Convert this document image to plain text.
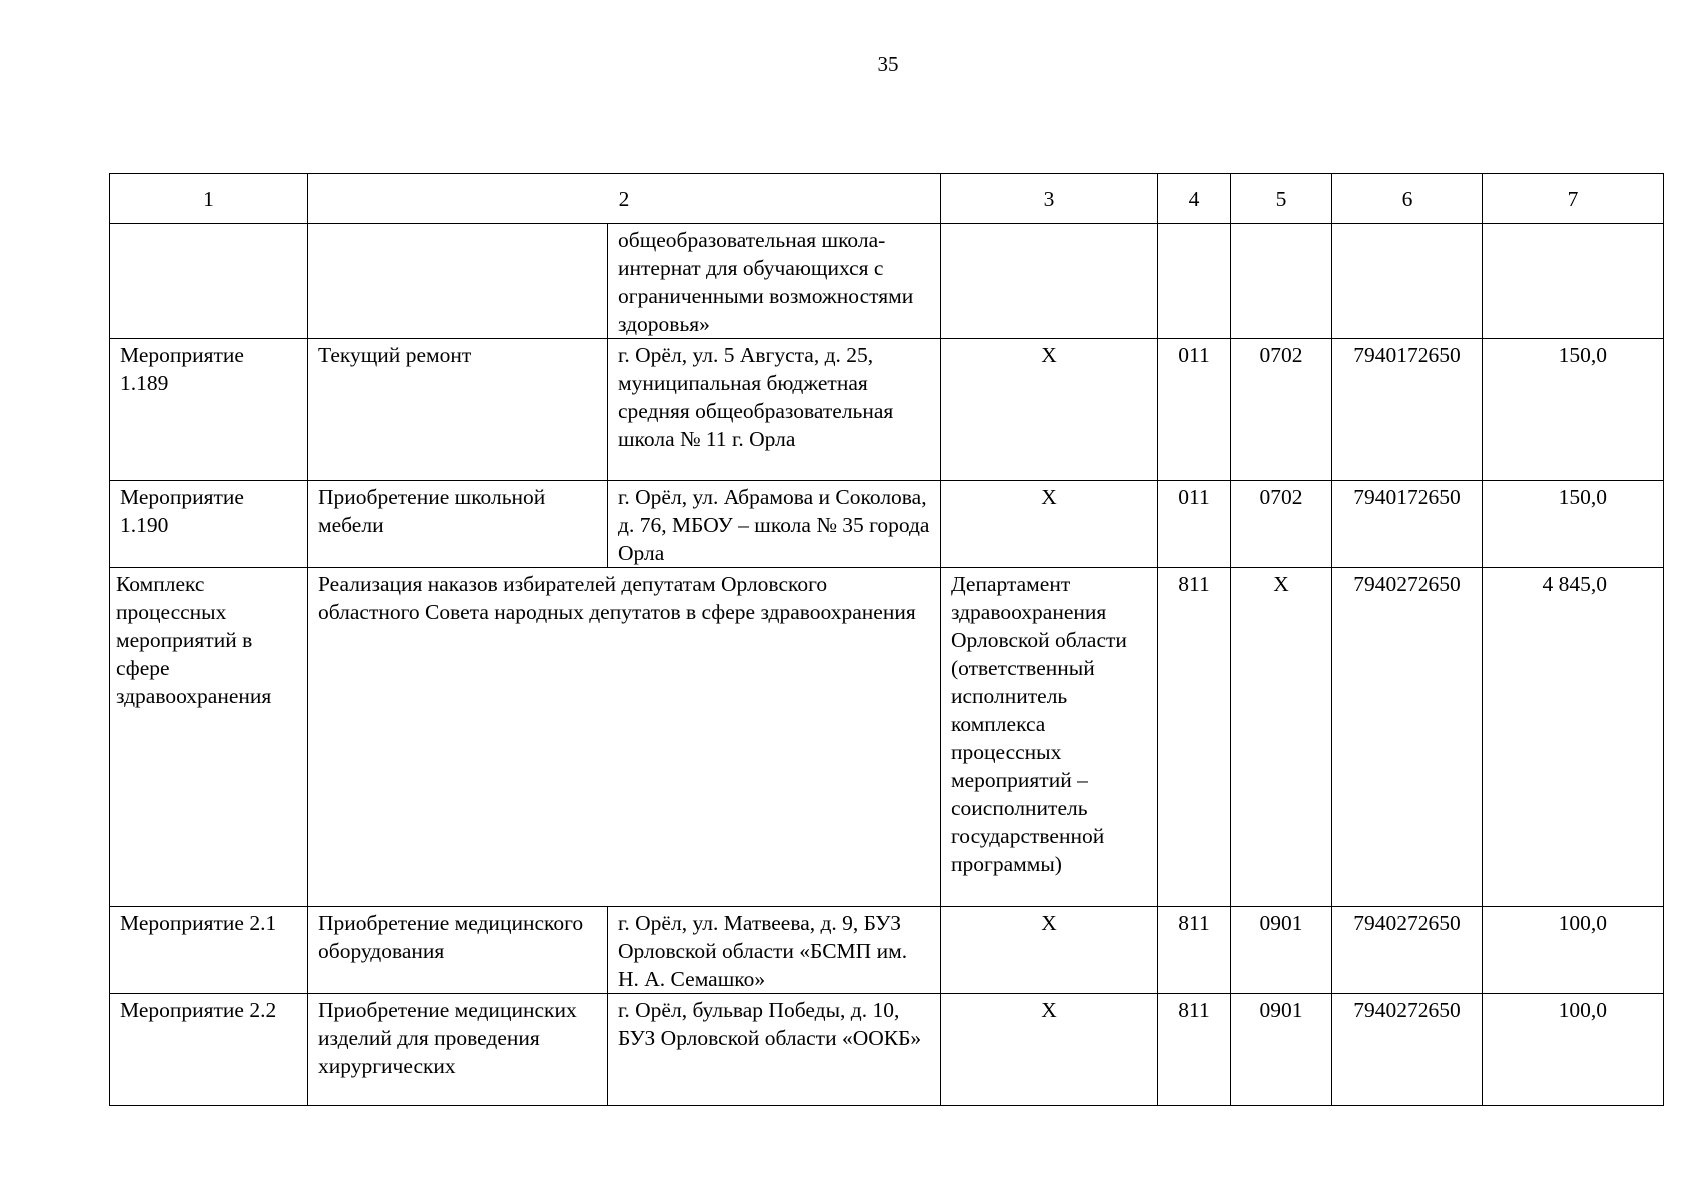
35
1	2		3	4	5	6	7
		общеобразовательная школа-интернат для обучающихся с ограниченными возможностями здоровья»					
Мероприятие 1.189	Текущий ремонт	г. Орёл, ул. 5 Августа, д. 25, муниципальная бюджетная средняя общеобразовательная школа № 11 г. Орла	X	011	0702	7940172650	150,0
Мероприятие 1.190	Приобретение школьной мебели	г. Орёл, ул. Абрамова и Соколова, д. 76, МБОУ – школа № 35 города Орла	X	011	0702	7940172650	150,0
Комплекс процессных мероприятий в сфере здравоохранения	Реализация наказов избирателей депутатам Орловского областного Совета народных депутатов в сфере здравоохранения		Департамент здравоохранения Орловской области (ответственный исполнитель комплекса процессных мероприятий – соисполнитель государственной программы)	811	X	7940272650	4 845,0
Мероприятие 2.1	Приобретение медицинского оборудования	г. Орёл, ул. Матвеева, д. 9, БУЗ Орловской области «БСМП им. Н. А. Семашко»	X	811	0901	7940272650	100,0
Мероприятие 2.2	Приобретение медицинских изделий для проведения хирургических	г. Орёл, бульвар Победы, д. 10, БУЗ Орловской области «ООКБ»	X	811	0901	7940272650	100,0
